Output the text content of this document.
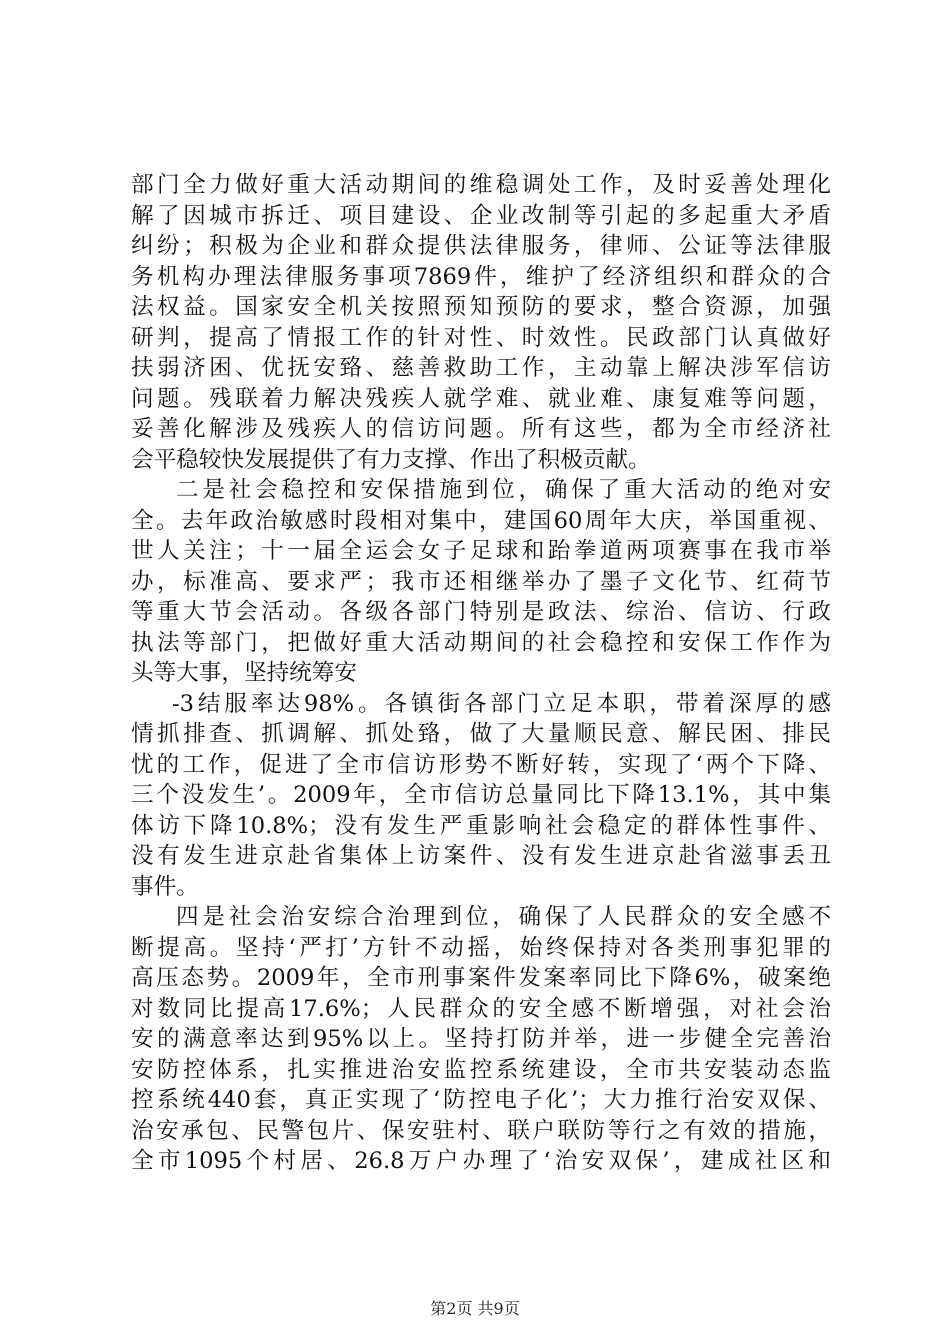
部门全力做好重大活动期间的维稳调处工作，及时妥善处理化
解了因城市拆迁、项目建设、企业改制等引起的多起重大矛盾
纠纷；积极为企业和群众提供法律服务，律师、公证等法律服
务机构办理法律服务事项7869件，维护了经济组织和群众的合
法权益。国家安全机关按照预知预防的要求，整合资源，加强
研判，提高了情报工作的针对性、时效性。民政部门认真做好
扶弱济困、优抚安臵、慈善救助工作，主动靠上解决涉军信访
问题。残联着力解决残疾人就学难、就业难、康复难等问题，
妥善化解涉及残疾人的信访问题。所有这些，都为全市经济社
会平稳较快发展提供了有力支撑、作出了积极贡献。
二是社会稳控和安保措施到位，确保了重大活动的绝对安
全。去年政治敏感时段相对集中，建国60周年大庆，举国重视、
世人关注；十一届全运会女子足球和跆拳道两项赛事在我市举
办，标准高、要求严；我市还相继举办了墨子文化节、红荷节
等重大节会活动。各级各部门特别是政法、综治、信访、行政
执法等部门，把做好重大活动期间的社会稳控和安保工作作为
头等大事，坚持统筹安
-3结服率达98%。各镇街各部门立足本职，带着深厚的感
情抓排查、抓调解、抓处臵，做了大量顺民意、解民困、排民
忧的工作，促进了全市信访形势不断好转，实现了‘两个下降、
三个没发生’。2009年，全市信访总量同比下降13.1%，其中集
体访下降10.8%；没有发生严重影响社会稳定的群体性事件、
没有发生进京赴省集体上访案件、没有发生进京赴省滋事丢丑
事件。
四是社会治安综合治理到位，确保了人民群众的安全感不
断提高。坚持‘严打’方针不动摇，始终保持对各类刑事犯罪的
高压态势。2009年，全市刑事案件发案率同比下降6%，破案绝
对数同比提高17.6%；人民群众的安全感不断增强，对社会治
安的满意率达到95%以上。坚持打防并举，进一步健全完善治
安防控体系，扎实推进治安监控系统建设，全市共安装动态监
控系统440套，真正实现了‘防控电子化’；大力推行治安双保、
治安承包、民警包片、保安驻村、联户联防等行之有效的措施，
全市1095个村居、26.8万户办理了‘治安双保’，建成社区和
第2页 共9页
